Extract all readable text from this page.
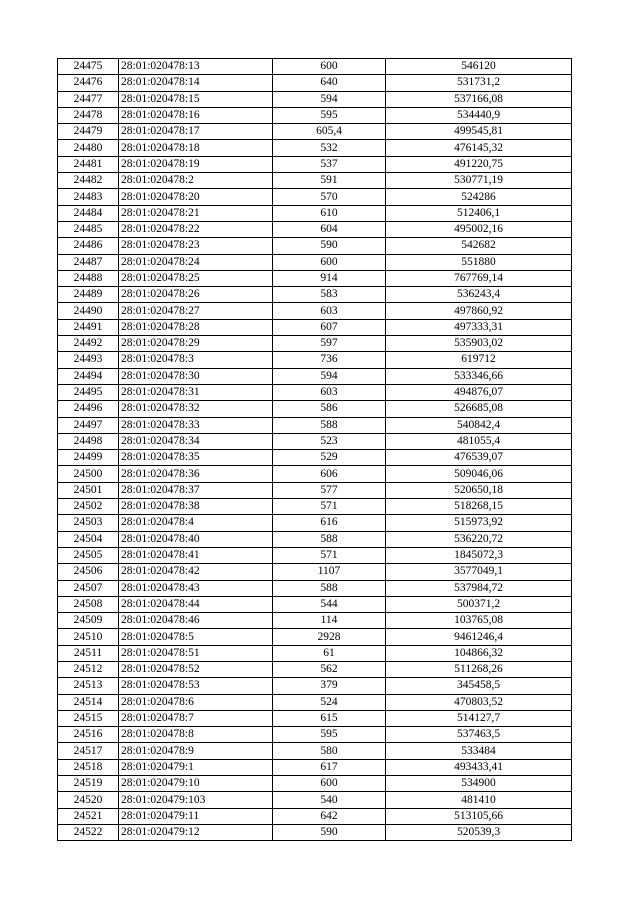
24475	28:01:020478:13	600	546120
24476	28:01:020478:14	640	531731,2
24477	28:01:020478:15	594	537166,08
24478	28:01:020478:16	595	534440,9
24479	28:01:020478:17	605,4	499545,81
24480	28:01:020478:18	532	476145,32
24481	28:01:020478:19	537	491220,75
24482	28:01:020478:2	591	530771,19
24483	28:01:020478:20	570	524286
24484	28:01:020478:21	610	512406,1
24485	28:01:020478:22	604	495002,16
24486	28:01:020478:23	590	542682
24487	28:01:020478:24	600	551880
24488	28:01:020478:25	914	767769,14
24489	28:01:020478:26	583	536243,4
24490	28:01:020478:27	603	497860,92
24491	28:01:020478:28	607	497333,31
24492	28:01:020478:29	597	535903,02
24493	28:01:020478:3	736	619712
24494	28:01:020478:30	594	533346,66
24495	28:01:020478:31	603	494876,07
24496	28:01:020478:32	586	526685,08
24497	28:01:020478:33	588	540842,4
24498	28:01:020478:34	523	481055,4
24499	28:01:020478:35	529	476539,07
24500	28:01:020478:36	606	509046,06
24501	28:01:020478:37	577	520650,18
24502	28:01:020478:38	571	518268,15
24503	28:01:020478:4	616	515973,92
24504	28:01:020478:40	588	536220,72
24505	28:01:020478:41	571	1845072,3
24506	28:01:020478:42	1107	3577049,1
24507	28:01:020478:43	588	537984,72
24508	28:01:020478:44	544	500371,2
24509	28:01:020478:46	114	103765,08
24510	28:01:020478:5	2928	9461246,4
24511	28:01:020478:51	61	104866,32
24512	28:01:020478:52	562	511268,26
24513	28:01:020478:53	379	345458,5
24514	28:01:020478:6	524	470803,52
24515	28:01:020478:7	615	514127,7
24516	28:01:020478:8	595	537463,5
24517	28:01:020478:9	580	533484
24518	28:01:020479:1	617	493433,41
24519	28:01:020479:10	600	534900
24520	28:01:020479:103	540	481410
24521	28:01:020479:11	642	513105,66
24522	28:01:020479:12	590	520539,3
